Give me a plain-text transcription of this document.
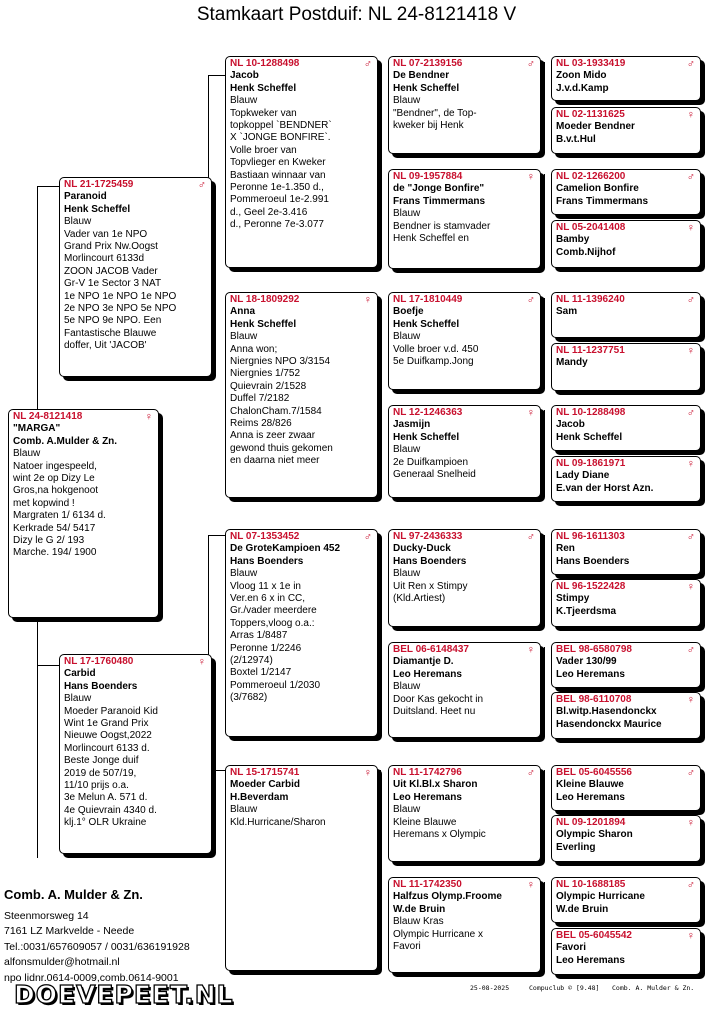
Stamkaart Postduif: NL 24-8121418 V
NL 24-8121418	♀
"MARGA"
Comb. A.Mulder & Zn.
Blauw
Natoer ingespeeld,
wint 2e op Dizy Le
Gros,na hokgenoot
met kopwind !
Margraten 1/ 6134 d.
Kerkrade 54/ 5417
Dizy le G 2/ 193
Marche. 194/ 1900
NL 21-1725459	♂
Paranoid
Henk Scheffel
Blauw
Vader van 1e NPO
Grand Prix Nw.Oogst
Morlincourt 6133d
ZOON JACOB Vader
Gr-V 1e Sector 3 NAT
1e NPO 1e NPO 1e NPO
2e NPO 3e NPO 5e NPO
5e NPO 9e NPO. Een
Fantastische Blauwe
doffer, Uit 'JACOB'
NL 17-1760480	♀
Carbid
Hans Boenders
Blauw
Moeder Paranoid Kid
Wint 1e Grand Prix
Nieuwe Oogst,2022
Morlincourt 6133 d.
Beste Jonge duif
2019 de 507/19,
11/10 prijs o.a.
3e Melun A. 571 d.
4e Quievrain 4340 d.
klj.1° OLR Ukraine
NL 10-1288498	♂
Jacob
Henk Scheffel
Blauw
Topkweker van
topkoppel `BENDNER`
X `JONGE BONFIRE`.
Volle broer van
Topvlieger en Kweker
Bastiaan winnaar van
Peronne 1e-1.350 d.,
Pommeroeul 1e-2.991
d., Geel 2e-3.416
d., Peronne 7e-3.077
NL 18-1809292	♀
Anna
Henk Scheffel
Blauw
Anna won;
Niergnies NPO 3/3154
Niergnies 1/752
Quievrain 2/1528
Duffel 7/2182
ChalonCham.7/1584
Reims 28/826
Anna is zeer zwaar
gewond thuis gekomen
en daarna niet meer
NL 07-1353452	♂
De GroteKampioen 452
Hans Boenders
Blauw
Vloog 11 x 1e in
Ver.en 6 x in CC,
Gr./vader meerdere
Toppers,vloog o.a.:
Arras 1/8487
Peronne 1/2246
(2/12974)
Boxtel 1/2147
Pommeroeul 1/2030
(3/7682)
NL 15-1715741	♀
Moeder Carbid
H.Beverdam
Blauw
Kld.Hurricane/Sharon
NL 07-2139156	♂
De Bendner
Henk Scheffel
Blauw
"Bendner", de Top-
kweker bij Henk
NL 09-1957884	♀
de "Jonge Bonfire"
Frans Timmermans
Blauw
Bendner is stamvader
Henk Scheffel en
NL 17-1810449	♂
Boefje
Henk Scheffel
Blauw
Volle broer v.d. 450
5e Duifkamp.Jong
NL 12-1246363	♀
Jasmijn
Henk Scheffel
Blauw
2e Duifkampioen
Generaal Snelheid
NL 97-2436333	♂
Ducky-Duck
Hans Boenders
Blauw
Uit Ren x Stimpy
(Kld.Artiest)
BEL 06-6148437	♀
Diamantje D.
Leo Heremans
Blauw
Door Kas gekocht in
Duitsland. Heet nu
NL 11-1742796	♂
Uit Kl.Bl.x Sharon
Leo Heremans
Blauw
Kleine Blauwe
Heremans x Olympic
NL 11-1742350	♀
Halfzus Olymp.Froome
W.de Bruin
Blauw Kras
Olympic Hurricane x
Favori
NL 03-1933419	♂
Zoon Mido
J.v.d.Kamp
NL 02-1131625	♀
Moeder Bendner
B.v.t.Hul
NL 02-1266200	♂
Camelion Bonfire
Frans Timmermans
NL 05-2041408	♀
Bamby
Comb.Nijhof
NL 11-1396240	♂
Sam
NL 11-1237751	♀
Mandy
NL 10-1288498	♂
Jacob
Henk Scheffel
NL 09-1861971	♀
Lady Diane
E.van der Horst Azn.
NL 96-1611303	♂
Ren
Hans Boenders
NL 96-1522428	♀
Stimpy
K.Tjeerdsma
BEL 98-6580798	♂
Vader 130/99
Leo Heremans
BEL 98-6110708	♀
Bl.witp.Hasendonckx
Hasendonckx Maurice
BEL 05-6045556	♂
Kleine Blauwe
Leo Heremans
NL 09-1201894	♀
Olympic Sharon
Everling
NL 10-1688185	♂
Olympic Hurricane
W.de Bruin
BEL 05-6045542	♀
Favori
Leo Heremans
Comb. A. Mulder & Zn.
Steenmorsweg 14
7161 LZ Markvelde - Neede
Tel.:0031/657609057 / 0031/636191928
alfonsmulder@hotmail.nl
npo lidnr.0614-0009,comb.0614-9001
DOEVEPEET.NL	25-08-2025	Compuclub © [9.48] Comb. A. Mulder & Zn.
